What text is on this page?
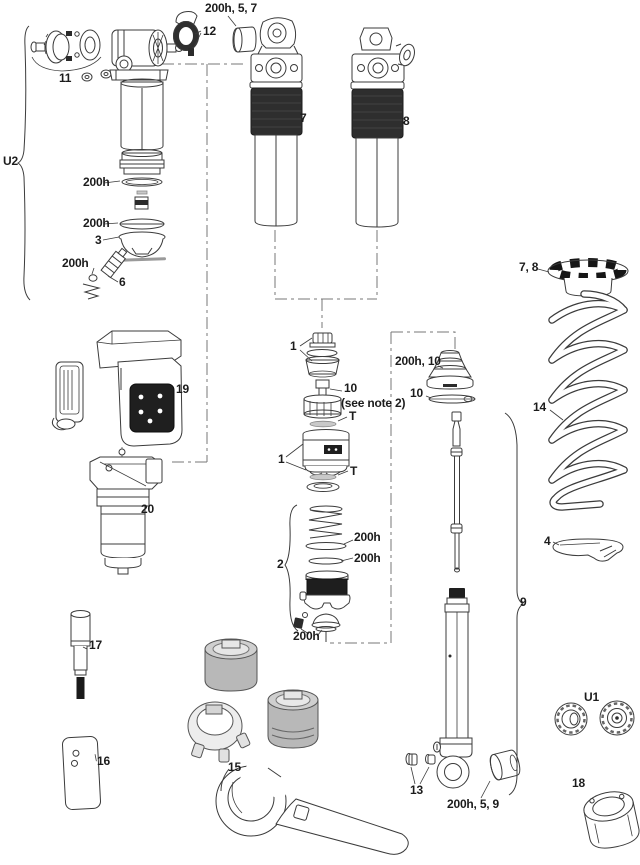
U2
11
12
200h, 5, 7
7	8
200h
200h
3
200h
6
19
20
1
10
(see note 2)
T
1
T
2
200h
200h
200h
200h, 10
10
7, 8
14
4
9
17
16	15
13
200h, 5, 9
U1
18
